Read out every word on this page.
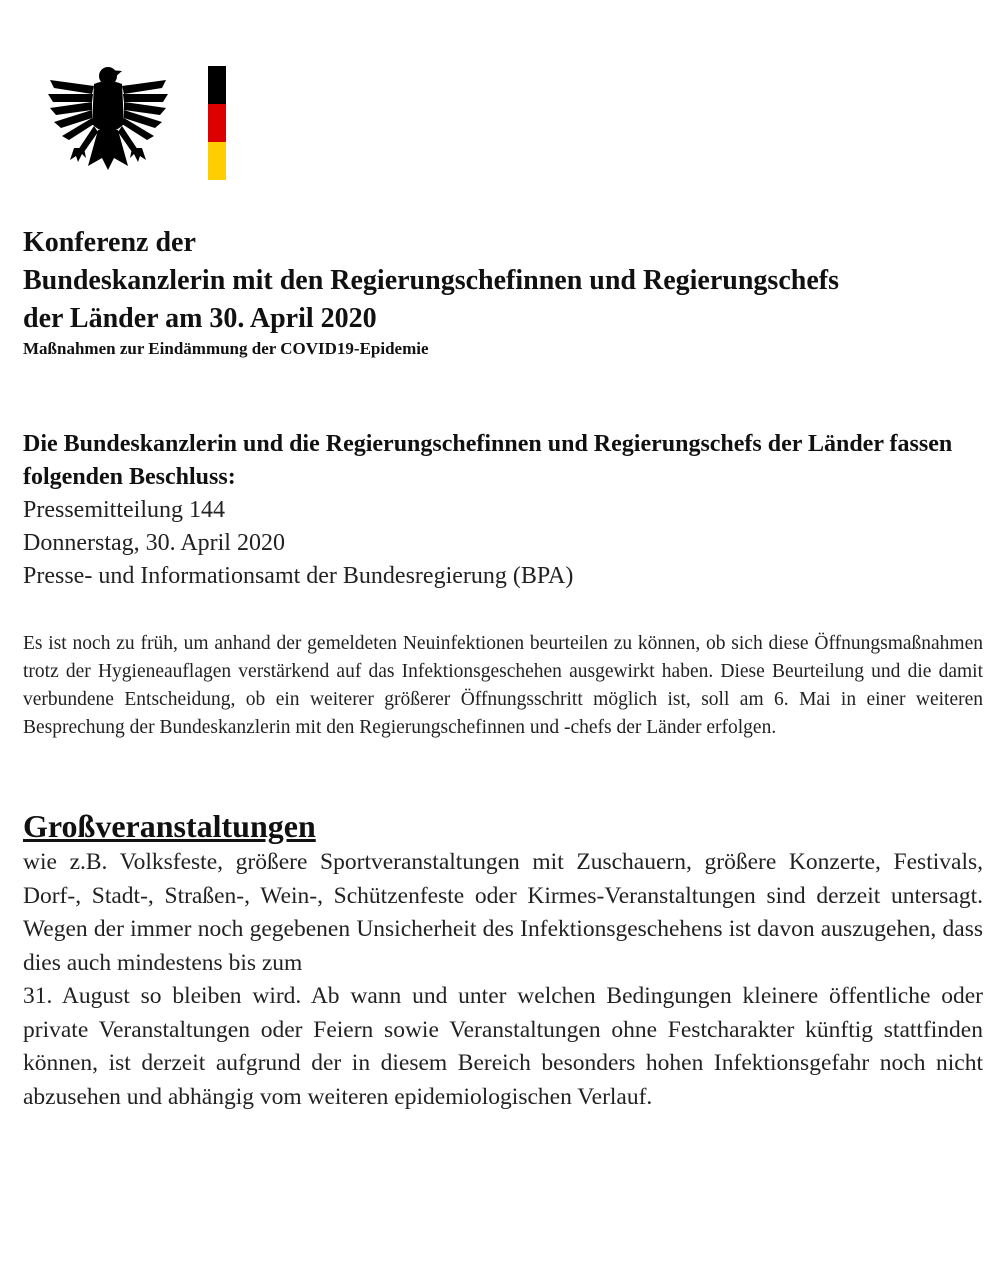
Konferenz der

Bundeskanzlerin mit den Regierungschefinnen und Regierungschefs

der Länder am 30. April 2020

Maßnahmen zur Eindämmung der COVID19-Epidemie

Die Bundeskanzlerin und die Regierungschefinnen und Regierungschefs der Länder fassen folgenden Beschluss:

Pressemitteilung 144

Donnerstag, 30. April 2020

Presse- und Informationsamt der Bundesregierung (BPA)

Es ist noch zu früh, um anhand der gemeldeten Neuinfektionen beurteilen zu können, ob sich diese Öffnungsmaßnahmen trotz der Hygieneauflagen verstärkend auf das Infektionsgeschehen ausgewirkt haben. Diese Beurteilung und die damit verbundene Entscheidung, ob ein weiterer größerer Öffnungsschritt möglich ist, soll am 6. Mai in einer weiteren Besprechung der Bundeskanzlerin mit den Regierungschefinnen und -chefs der Länder erfolgen.

Großveranstaltungen

wie z.B. Volksfeste, größere Sportveranstaltungen mit Zuschauern, größere Konzerte, Festivals, Dorf-, Stadt-, Straßen-, Wein-, Schützenfeste oder Kirmes-Veranstaltungen sind derzeit untersagt. Wegen der immer noch gegebenen Unsicherheit des Infektionsgeschehens ist davon auszugehen, dass dies auch mindestens bis zum
31. August so bleiben wird. Ab wann und unter welchen Bedingungen kleinere öffentliche oder private Veranstaltungen oder Feiern sowie Veranstaltungen ohne Festcharakter künftig stattfinden können, ist derzeit aufgrund der in diesem Bereich besonders hohen Infektionsgefahr noch nicht abzusehen und abhängig vom weiteren epidemiologischen Verlauf.
